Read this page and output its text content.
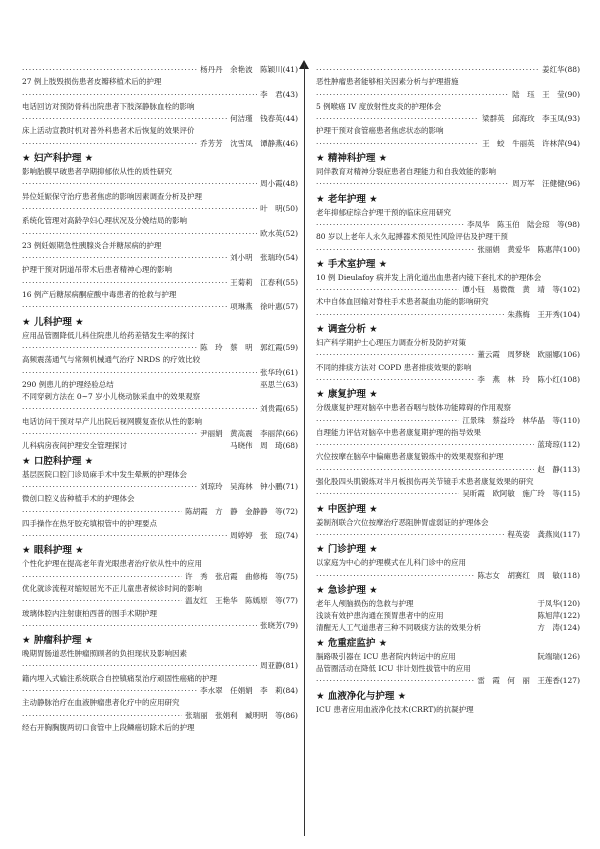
·····
杨丹丹　余艳波　陈颖川(41)
27 例上肢毁损伤患者皮瓣移植术后的护理
·····
李　君(43)
电话回访对预防骨科出院患者下肢深静脉血栓的影响
·····
何洁瑾　钱春英(44)
床上活动宣教时机对普外科患者术后恢复的效果评价
·····
乔芳芳　沈雪凤　谭静燕(46)
★ 妇产科护理 ★
影响胎膜早破患者孕期抑郁依从性的质性研究
·····
周小霞(48)
异位妊娠保守治疗患者焦虑的影响因素调查分析及护理
·····
叶　明(50)
系统化管理对高龄孕妇心理状况及分娩结局的影响
·····
欧水英(52)
23 例妊娠期急性胰腺炎合并糖尿病的护理
·····
刘小明　张瑞玲(54)
护理干预对阴道吊带术后患者精神心理的影响
·····
王菊莉　江春利(55)
16 例产后糖尿病酮症酸中毒患者的抢救与护理
·····
项琳燕　徐叶惠(57)
★ 儿科护理 ★
应用品管圈降低儿科住院患儿给药差错发生率的探讨
·····
陈　玲　蔡　明　郭红霞(59)
高频震荡通气与常频机械通气治疗 NRDS 的疗效比较
·····
张华玲(61)
290 例患儿的护理经验总结	巫思兰(63)
不同穿刺方法在 0~7 岁小儿桡动脉采血中的效果观察
·····
刘贵霞(65)
电话访问干预对早产儿出院后视网膜复查依从性的影响
·····
尹丽娟　黄高震　李丽萍(66)
儿科病房夜间护理安全管理探讨	马晓伟　周　琦(68)
★ 口腔科护理 ★
基层医院口腔门诊局麻手术中发生晕厥的护理体会
·····
刘琼玲　吴海林　钟小鹏(71)
微创口腔义齿种植手术的护理体会
·····
陈胡霞　方　静　金静静　等(72)
四手操作在热牙胶充填根管中的护理要点
·····
周婷婷　张　琼(74)
★ 眼科护理 ★
个性化护理在提高老年青光眼患者治疗依从性中的应用
·····
许　秀　张启霞　曲修梅　等(75)
优化就诊流程对缩短屈光不正儿童患者候诊时间的影响
·····
温友红　王艳华　陈嫣原　等(77)
玻璃体腔内注射康柏西普的围手术期护理
·····
张晓芳(79)
★ 肿瘤科护理 ★
晚期胃肠道恶性肿瘤照顾者的负担现状及影响因素
·····
周亚静(81)
籍内埋入式输注系统联合自控镇痛泵治疗顽固性癌痛的护理
·····
李水翠　任娟娟　李　莉(84)
主动静脉治疗在血液肿瘤患者化疗中的应用研究
·····
张瑞丽　张娟利　臧明明　等(86)
经右开胸胸腹两切口食管中上段鳞癌切除术后的护理
·····
姜红华(88)
恶性肿瘤患者能够相关因素分析与护理措施
·····
陆　珏　王　莹(90)
5 例喉癌 IV 度放射性皮炎的护理体会
·····
梁群英　邱海玫　李玉凤(93)
护理干预对食管癌患者焦虑状态的影响
·····
王　蛟　牛丽英　许林萍(94)
★ 精神科护理 ★
同伴教育对精神分裂症患者自理能力和自我效能的影响
·····
周万军　汪健健(96)
★ 老年护理 ★
老年抑郁症综合护理干预的临床应用研究
·····
李凤华　陈玉伯　陆会琼　等(98)
80 岁以上老年人永久起搏器术预见性风险评估及护理干预
·····
张丽娟　黄爱华　陈惠萍(100)
★ 手术室护理 ★
10 例 Dieulafoy 病并发上消化道出血患者内镜下套扎术的护理体会
·····
谭小钰　易微微　黄　靖　等(102)
术中自体血回输对脊柱手术患者凝血功能的影响研究
·····
朱燕梅　王开秀(104)
★ 调查分析 ★
妇产科学期护士心理压力调查分析及防护对策
·····
董云霞　周梦晓　欧丽娜(106)
不同的排痰方法对 COPD 患者排痰效果的影响
·····
李　燕　林　玲　陈小红(108)
★ 康复护理 ★
分级康复护理对脑卒中患者吞咽与肢体功能障碍的作用观察
·····
江景珠　蔡益玲　林华晶　等(110)
自理能力评估对脑卒中患者康复期护理的指导效果
·····
蓝琦琼(112)
穴位按摩在脑卒中偏瘫患者康复锻炼中的效果观察和护理
·····
赵　静(113)
强化股四头肌锻炼对半月板损伤再关节镜手术患者康复效果的研究
·····
吴昕霞　欧阿敏　施广玲　等(115)
★ 中医护理 ★
姜制剂联合穴位按摩治疗恶阻肿胃虚弱证的护理体会
·····
程英姿　龚燕岚(117)
★ 门诊护理 ★
以家庭为中心的护理模式在儿科门诊中的应用
·····
陈志女　胡赛红　周　敏(118)
★ 急诊护理 ★
老年人颅脑损伤的急救与护理	于凤华(120)
浅谈有效护患沟通在预胃患者中的应用	陈旭萍(122)
清醒无人工气道患者三种不同吸痰方法的效果分析	方　涛(124)
★ 危重症监护 ★
膈路吸引器在 ICU 患者院内转运中的应用	阮端瑞(126)
品管圈活动在降低 ICU 非计划性拔管中的应用
·····
雷　霞　何　丽　王莲香(127)
★ 血液净化与护理 ★
ICU 患者应用血液净化技术(CRRT)的抗凝护理
